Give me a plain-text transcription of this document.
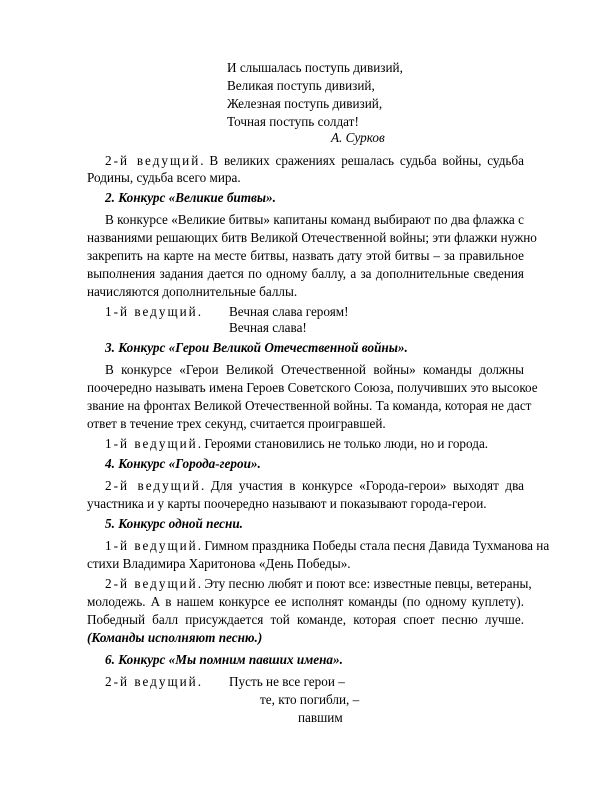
И слышалась поступь дивизий,
Великая поступь дивизий,
Железная поступь дивизий,
Точная поступь солдат!
А. Сурков
2-й ведущий. В великих сражениях решалась судьба войны, судьба
Родины, судьба всего мира.
2. Конкурс «Великие битвы».
В конкурсе «Великие битвы» капитаны команд выбирают по два флажка с
названиями решающих битв Великой Отечественной войны; эти флажки нужно
закрепить на карте на месте битвы, назвать дату этой битвы – за правильное
выполнения задания дается по одному баллу, а за дополнительные сведения
начисляются дополнительные баллы.
1-й ведущий. Вечная слава героям!
Вечная слава!
3. Конкурс «Герои Великой Отечественной войны».
В конкурсе «Герои Великой Отечественной войны» команды должны
поочередно называть имена Героев Советского Союза, получивших это высокое
звание на фронтах Великой Отечественной войны. Та команда, которая не даст
ответ в течение трех секунд, считается проигравшей.
1-й ведущий. Героями становились не только люди, но и города.
4. Конкурс «Города-герои».
2-й ведущий. Для участия в конкурсе «Города-герои» выходят два
участника и у карты поочередно называют и показывают города-герои.
5. Конкурс одной песни.
1-й ведущий. Гимном праздника Победы стала песня Давида Тухманова на
стихи Владимира Харитонова «День Победы».
2-й ведущий. Эту песню любят и поют все: известные певцы, ветераны,
молодежь. А в нашем конкурсе ее исполнят команды (по одному куплету).
Победный балл присуждается той команде, которая споет песню лучше.
(Команды исполняют песню.)
6. Конкурс «Мы помним павших имена».
2-й ведущий. Пусть не все герои –
те, кто погибли, –
павшим
